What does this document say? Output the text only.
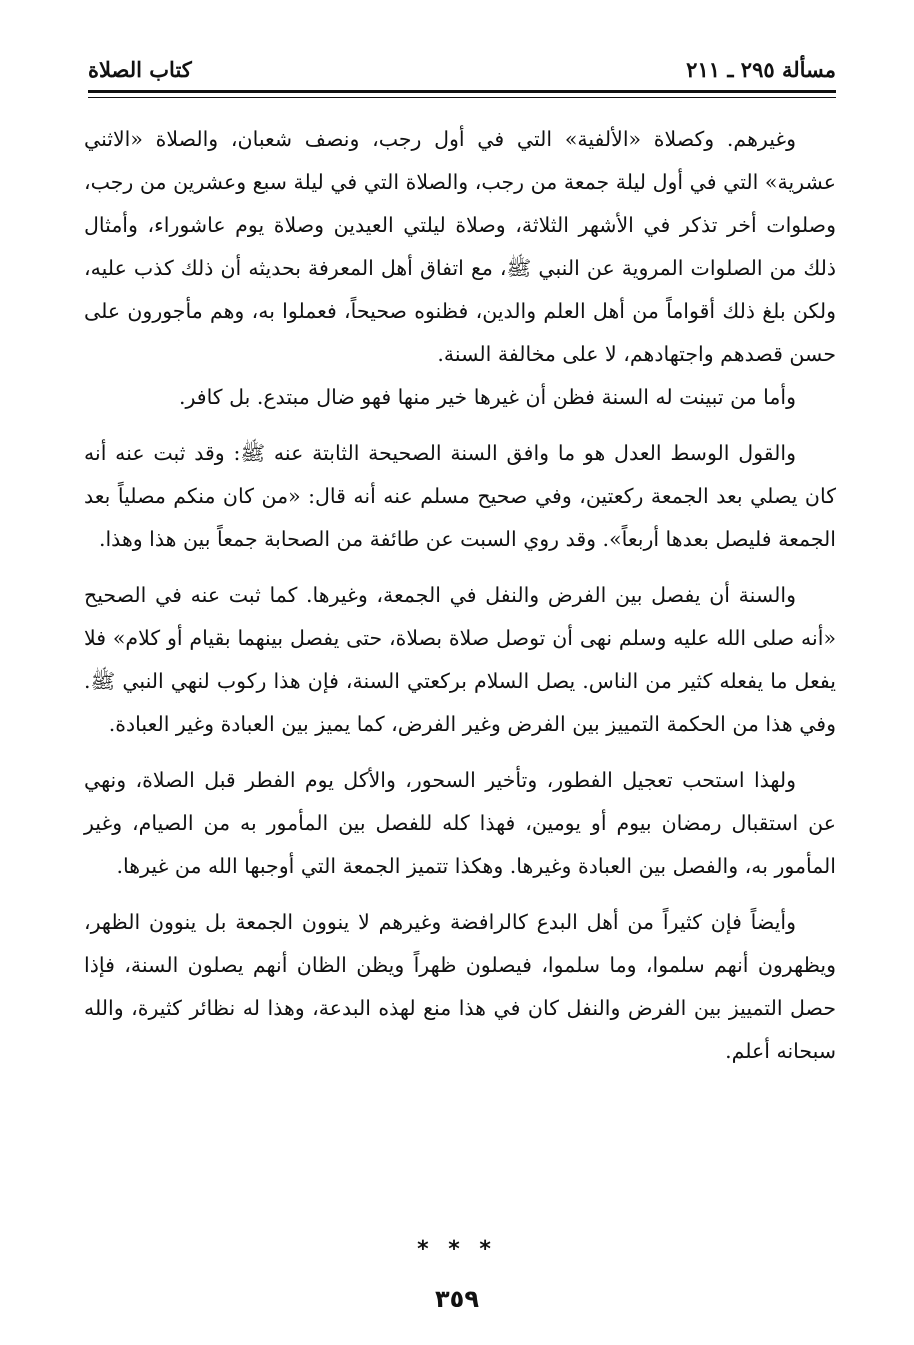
مسألة ٢٩٥ ـ ٢١١
كتاب الصلاة

وغيرهم. وكصلاة «الألفية» التي في أول رجب، ونصف شعبان، والصلاة «الاثني عشرية» التي في أول ليلة جمعة من رجب، والصلاة التي في ليلة سبع وعشرين من رجب، وصلوات أخر تذكر في الأشهر الثلاثة، وصلاة ليلتي العيدين وصلاة يوم عاشوراء، وأمثال ذلك من الصلوات المروية عن النبي ﷺ، مع اتفاق أهل المعرفة بحديثه أن ذلك كذب عليه، ولكن بلغ ذلك أقواماً من أهل العلم والدين، فظنوه صحيحاً، فعملوا به، وهم مأجورون على حسن قصدهم واجتهادهم، لا على مخالفة السنة.

وأما من تبينت له السنة فظن أن غيرها خير منها فهو ضال مبتدع. بل كافر.

والقول الوسط العدل هو ما وافق السنة الصحيحة الثابتة عنه ﷺ: وقد ثبت عنه أنه كان يصلي بعد الجمعة ركعتين، وفي صحيح مسلم عنه أنه قال: «من كان منكم مصلياً بعد الجمعة فليصل بعدها أربعاً». وقد روي السبت عن طائفة من الصحابة جمعاً بين هذا وهذا.

والسنة أن يفصل بين الفرض والنفل في الجمعة، وغيرها. كما ثبت عنه في الصحيح «أنه صلى الله عليه وسلم نهى أن توصل صلاة بصلاة، حتى يفصل بينهما بقيام أو كلام» فلا يفعل ما يفعله كثير من الناس. يصل السلام بركعتي السنة، فإن هذا ركوب لنهي النبي ﷺ. وفي هذا من الحكمة التمييز بين الفرض وغير الفرض، كما يميز بين العبادة وغير العبادة.

ولهذا استحب تعجيل الفطور، وتأخير السحور، والأكل يوم الفطر قبل الصلاة، ونهي عن استقبال رمضان بيوم أو يومين، فهذا كله للفصل بين المأمور به من الصيام، وغير المأمور به، والفصل بين العبادة وغيرها. وهكذا تتميز الجمعة التي أوجبها الله من غيرها.

وأيضاً فإن كثيراً من أهل البدع كالرافضة وغيرهم لا ينوون الجمعة بل ينوون الظهر، ويظهرون أنهم سلموا، وما سلموا، فيصلون ظهراً ويظن الظان أنهم يصلون السنة، فإذا حصل التمييز بين الفرض والنفل كان في هذا منع لهذه البدعة، وهذا له نظائر كثيرة، والله سبحانه أعلم.

* * *
٣٥٩
